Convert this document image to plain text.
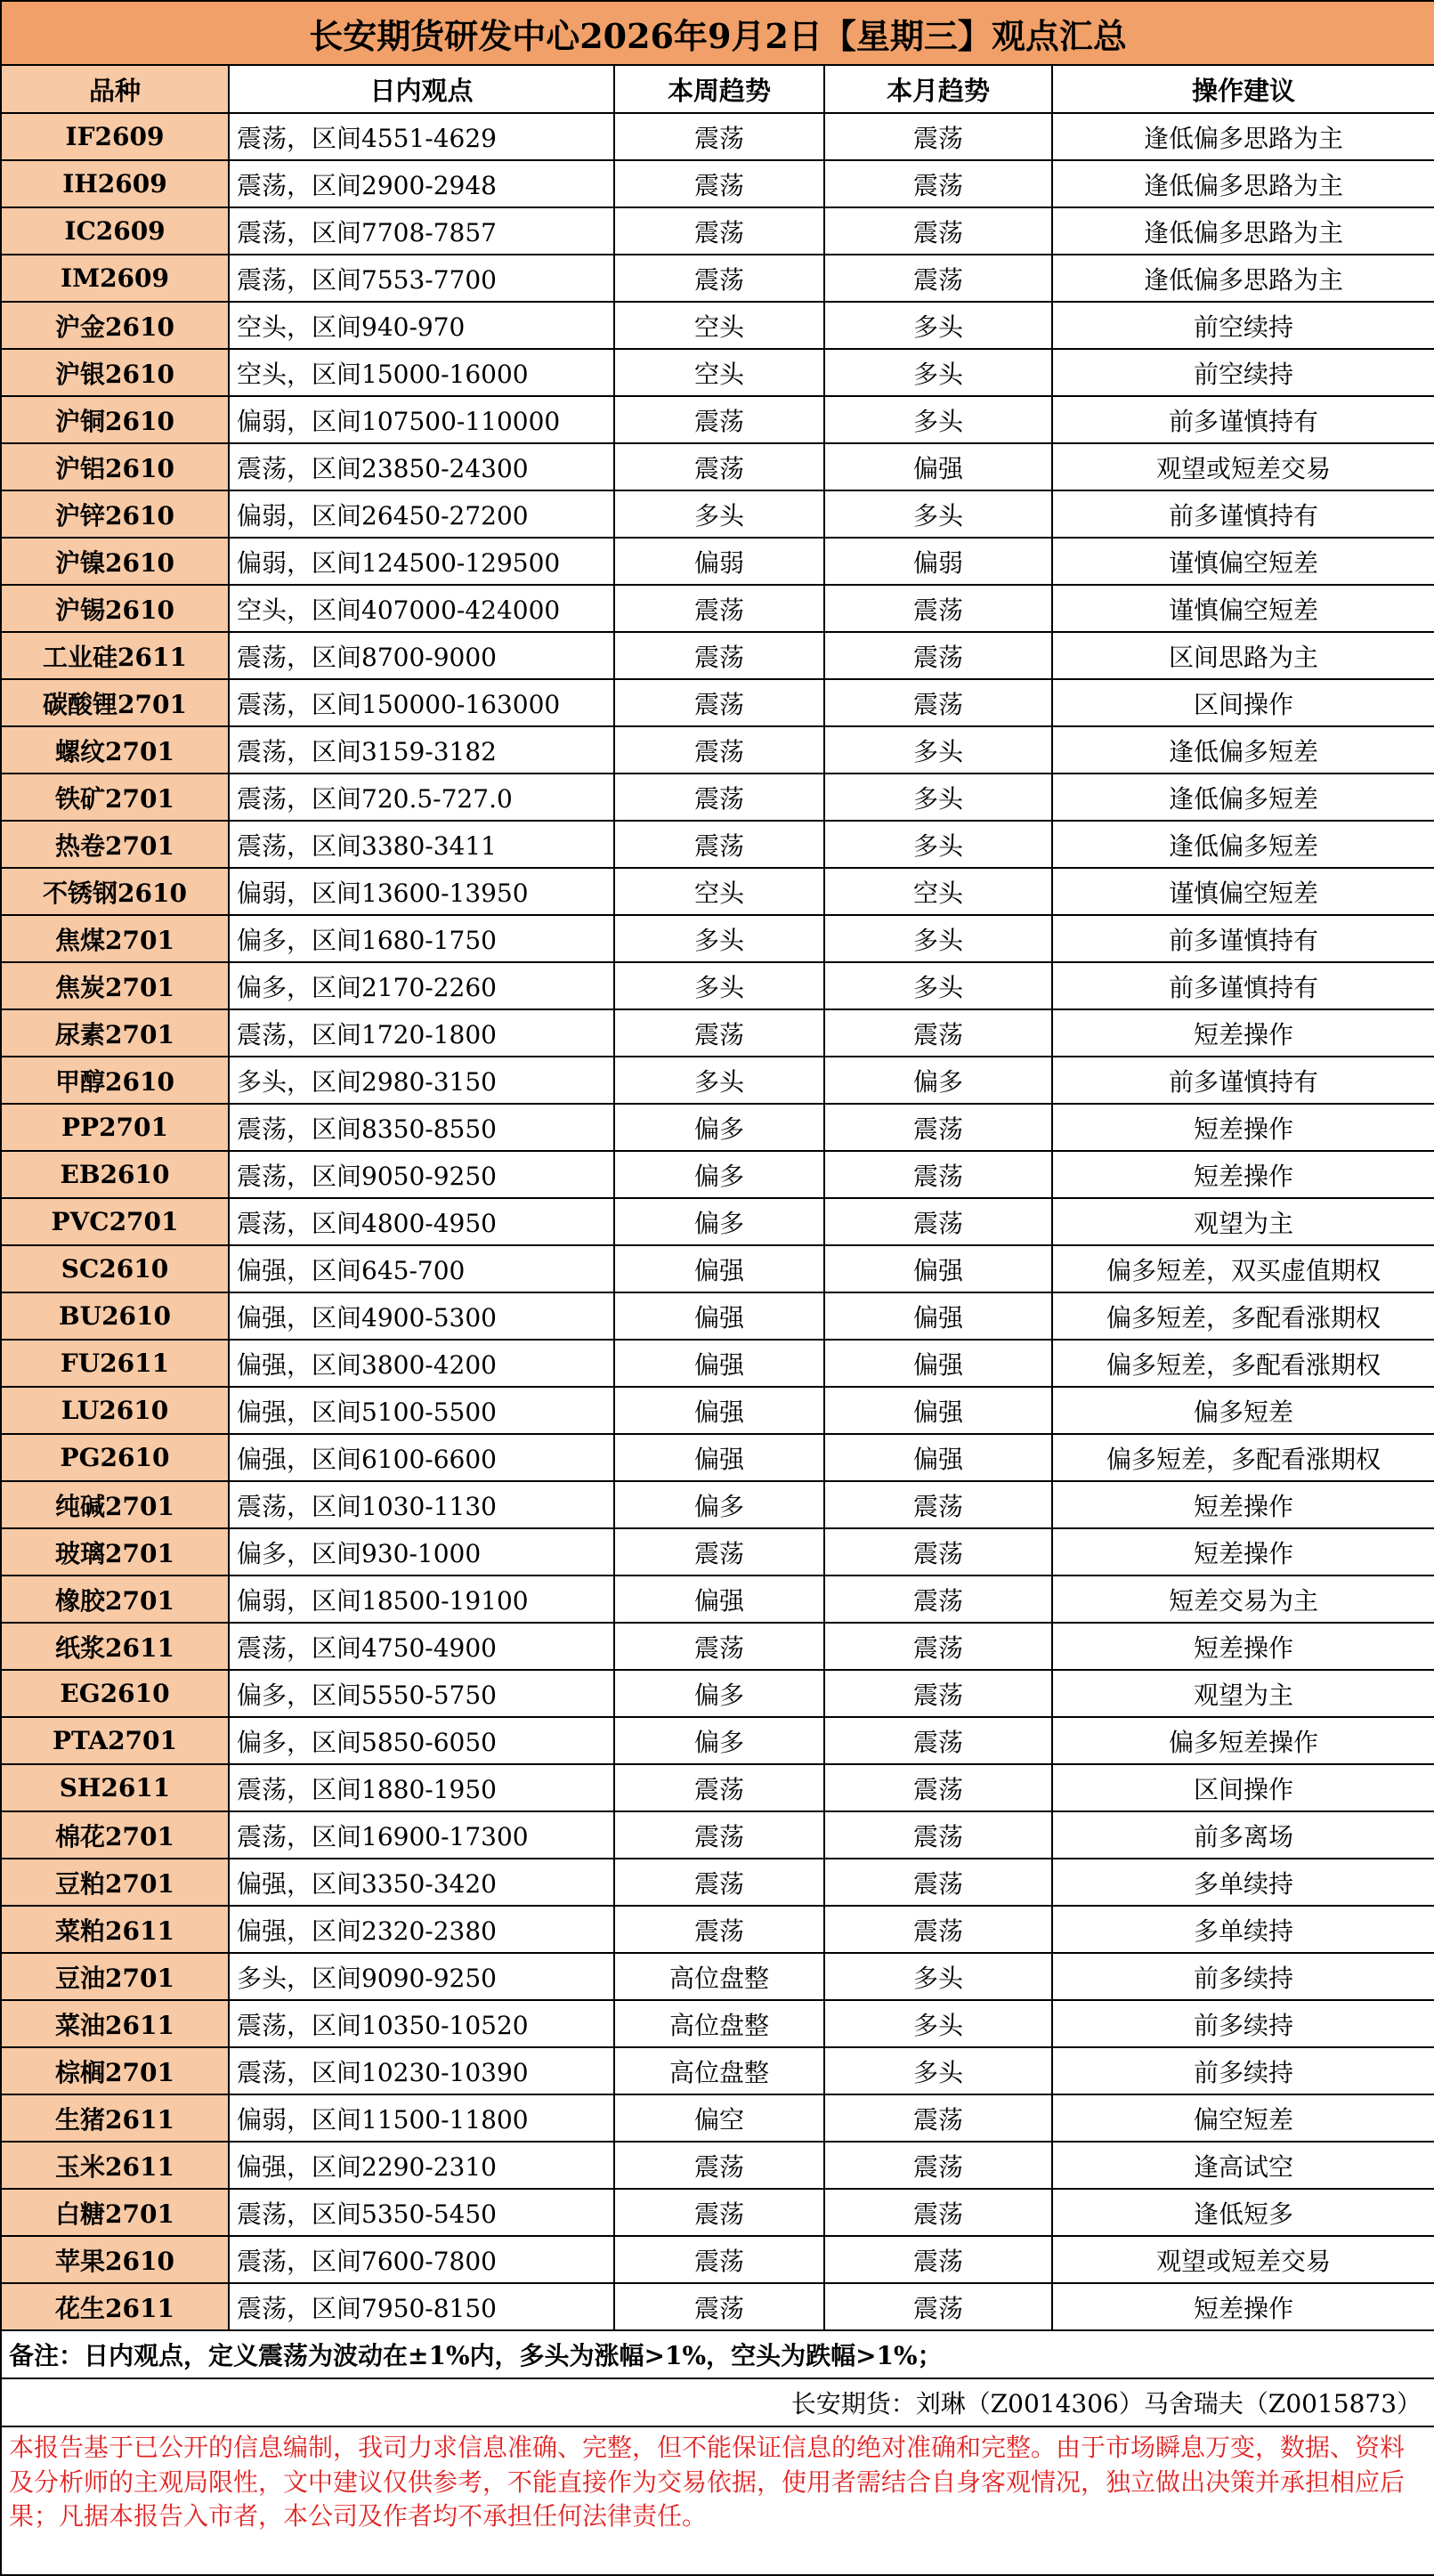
长安期货研发中心2026年9月2日【星期三】观点汇总				
品种	日内观点	本周趋势	本月趋势	操作建议
IF2609	震荡，区间4551-4629	震荡	震荡	逢低偏多思路为主
IH2609	震荡，区间2900-2948	震荡	震荡	逢低偏多思路为主
IC2609	震荡，区间7708-7857	震荡	震荡	逢低偏多思路为主
IM2609	震荡，区间7553-7700	震荡	震荡	逢低偏多思路为主
沪金2610	空头，区间940-970	空头	多头	前空续持
沪银2610	空头，区间15000-16000	空头	多头	前空续持
沪铜2610	偏弱，区间107500-110000	震荡	多头	前多谨慎持有
沪铝2610	震荡，区间23850-24300	震荡	偏强	观望或短差交易
沪锌2610	偏弱，区间26450-27200	多头	多头	前多谨慎持有
沪镍2610	偏弱，区间124500-129500	偏弱	偏弱	谨慎偏空短差
沪锡2610	空头，区间407000-424000	震荡	震荡	谨慎偏空短差
工业硅2611	震荡，区间8700-9000	震荡	震荡	区间思路为主
碳酸锂2701	震荡，区间150000-163000	震荡	震荡	区间操作
螺纹2701	震荡，区间3159-3182	震荡	多头	逢低偏多短差
铁矿2701	震荡，区间720.5-727.0	震荡	多头	逢低偏多短差
热卷2701	震荡，区间3380-3411	震荡	多头	逢低偏多短差
不锈钢2610	偏弱，区间13600-13950	空头	空头	谨慎偏空短差
焦煤2701	偏多，区间1680-1750	多头	多头	前多谨慎持有
焦炭2701	偏多，区间2170-2260	多头	多头	前多谨慎持有
尿素2701	震荡，区间1720-1800	震荡	震荡	短差操作
甲醇2610	多头，区间2980-3150	多头	偏多	前多谨慎持有
PP2701	震荡，区间8350-8550	偏多	震荡	短差操作
EB2610	震荡，区间9050-9250	偏多	震荡	短差操作
PVC2701	震荡，区间4800-4950	偏多	震荡	观望为主
SC2610	偏强，区间645-700	偏强	偏强	偏多短差，双买虚值期权
BU2610	偏强，区间4900-5300	偏强	偏强	偏多短差，多配看涨期权
FU2611	偏强，区间3800-4200	偏强	偏强	偏多短差，多配看涨期权
LU2610	偏强，区间5100-5500	偏强	偏强	偏多短差
PG2610	偏强，区间6100-6600	偏强	偏强	偏多短差，多配看涨期权
纯碱2701	震荡，区间1030-1130	偏多	震荡	短差操作
玻璃2701	偏多，区间930-1000	震荡	震荡	短差操作
橡胶2701	偏弱，区间18500-19100	偏强	震荡	短差交易为主
纸浆2611	震荡，区间4750-4900	震荡	震荡	短差操作
EG2610	偏多，区间5550-5750	偏多	震荡	观望为主
PTA2701	偏多，区间5850-6050	偏多	震荡	偏多短差操作
SH2611	震荡，区间1880-1950	震荡	震荡	区间操作
棉花2701	震荡，区间16900-17300	震荡	震荡	前多离场
豆粕2701	偏强，区间3350-3420	震荡	震荡	多单续持
菜粕2611	偏强，区间2320-2380	震荡	震荡	多单续持
豆油2701	多头，区间9090-9250	高位盘整	多头	前多续持
菜油2611	震荡，区间10350-10520	高位盘整	多头	前多续持
棕榈2701	震荡，区间10230-10390	高位盘整	多头	前多续持
生猪2611	偏弱，区间11500-11800	偏空	震荡	偏空短差
玉米2611	偏强，区间2290-2310	震荡	震荡	逢高试空
白糖2701	震荡，区间5350-5450	震荡	震荡	逢低短多
苹果2610	震荡，区间7600-7800	震荡	震荡	观望或短差交易
花生2611	震荡，区间7950-8150	震荡	震荡	短差操作
备注：日内观点，定义震荡为波动在±1%内，多头为涨幅>1%，空头为跌幅>1%；				
长安期货：刘琳（Z0014306）马舍瑞夫（Z0015873）				
本报告基于已公开的信息编制，我司力求信息准确、完整，但不能保证信息的绝对准确和完整。由于市场瞬息万变，数据、资料及分析师的主观局限性，文中建议仅供参考，不能直接作为交易依据，使用者需结合自身客观情况，独立做出决策并承担相应后果；凡据本报告入市者，本公司及作者均不承担任何法律责任。				
